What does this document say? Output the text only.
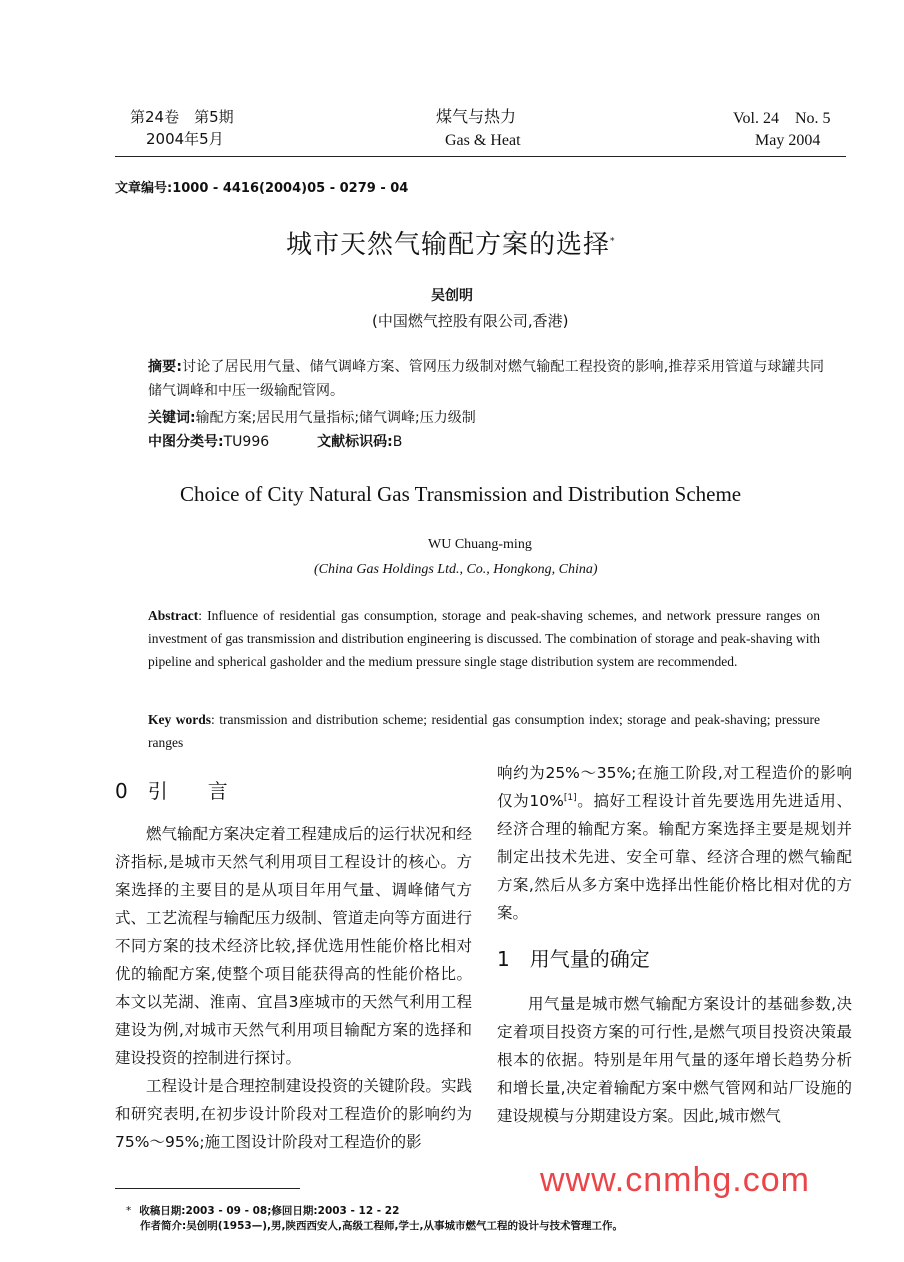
第24卷　第5期
2004年5月
煤气与热力
Gas & Heat
Vol. 24　No. 5
May 2004
文章编号:1000 - 4416(2004)05 - 0279 - 04
城市天然气输配方案的选择*
吴创明
(中国燃气控股有限公司,香港)
摘要:讨论了居民用气量、储气调峰方案、管网压力级制对燃气输配工程投资的影响,推荐采用管道与球罐共同储气调峰和中压一级输配管网。
关键词:输配方案;居民用气量指标;储气调峰;压力级制
中图分类号:TU996	文献标识码:B
Choice of City Natural Gas Transmission and Distribution Scheme
WU Chuang-ming
(China Gas Holdings Ltd., Co., Hongkong, China)
Abstract: Influence of residential gas consumption, storage and peak-shaving schemes, and network pressure ranges on investment of gas transmission and distribution engineering is discussed. The combination of storage and peak-shaving with pipeline and spherical gasholder and the medium pressure single stage distribution system are recommended.
Key words: transmission and distribution scheme; residential gas consumption index; storage and peak-shaving; pressure ranges
0　引　　言

燃气输配方案决定着工程建成后的运行状况和经济指标,是城市天然气利用项目工程设计的核心。方案选择的主要目的是从项目年用气量、调峰储气方式、工艺流程与输配压力级制、管道走向等方面进行不同方案的技术经济比较,择优选用性能价格比相对优的输配方案,使整个项目能获得高的性能价格比。本文以芜湖、淮南、宜昌3座城市的天然气利用工程建设为例,对城市天然气利用项目输配方案的选择和建设投资的控制进行探讨。

工程设计是合理控制建设投资的关键阶段。实践和研究表明,在初步设计阶段对工程造价的影响约为75%～95%;施工图设计阶段对工程造价的影

* 收稿日期:2003 - 09 - 08;修回日期:2003 - 12 - 22
作者简介:吴创明(1953—),男,陕西西安人,高级工程师,学士,从事城市燃气工程的设计与技术管理工作。

响约为25%～35%;在施工阶段,对工程造价的影响仅为10%[1]。搞好工程设计首先要选用先进适用、经济合理的输配方案。输配方案选择主要是规划并制定出技术先进、安全可靠、经济合理的燃气输配方案,然后从多方案中选择出性能价格比相对优的方案。

1　用气量的确定

用气量是城市燃气输配方案设计的基础参数,决定着项目投资方案的可行性,是燃气项目投资决策最根本的依据。特别是年用气量的逐年增长趋势分析和增长量,决定着输配方案中燃气管网和站厂设施的建设规模与分期建设方案。因此,城市燃气

www.cnmhg.com
